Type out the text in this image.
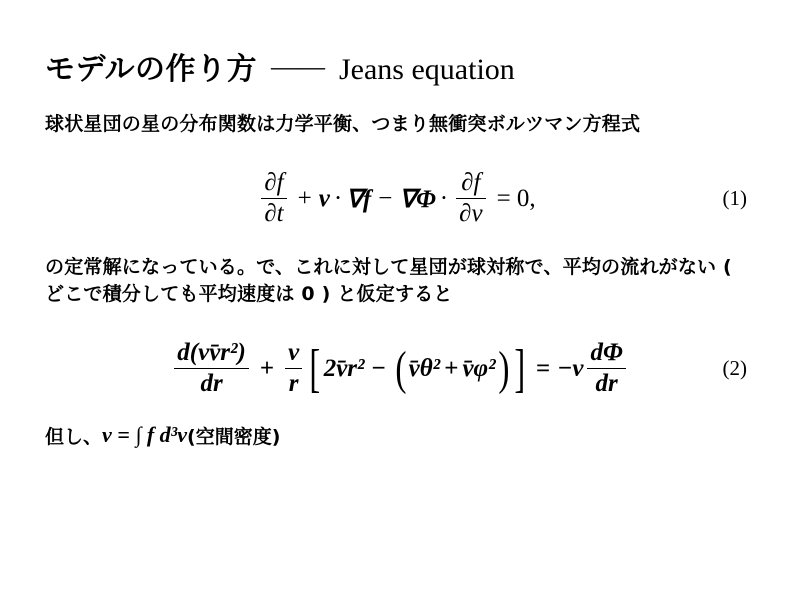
モデルの作り方 —— Jeans equation

球状星団の星の分布関数は力学平衡、つまり無衝突ボルツマン方程式

$\frac{\partial f}{\partial t} + v \cdot \nabla f - \nabla\Phi \cdot \frac{\partial f}{\partial v} = 0$,	(1)

の定常解になっている。で、これに対して星団が球対称で、平均の流れがない ( どこで積分しても平均速度は 0 ) と仮定すると

$\frac{\text{d(νv̄r²)}}{dr} + \frac{\nu}{r}$ [ 2v̄r² − ( v̄θ² + v̄φ² ) ] = $-\nu \frac{d\Phi}{dr}$	(2)
但し、 ν = ∫ f d³v (空間密度)
